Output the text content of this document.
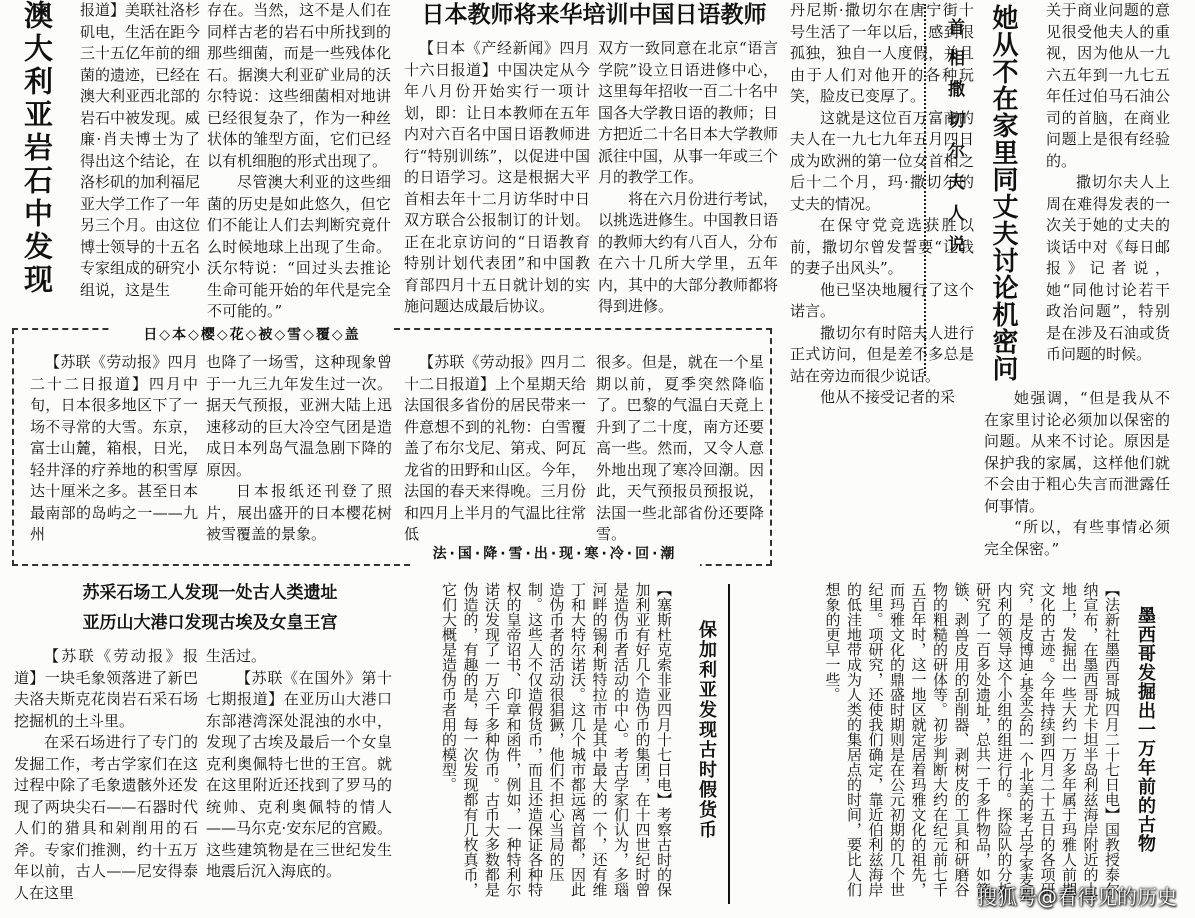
澳大利亚岩石中发现

报道】美联社洛杉矶电，生活在距今三十五亿年前的细菌的遗迹，已经在澳大利亚西北部的岩石中被发现。威廉·肖夫博士为了得出这个结论，在洛杉矶的加利福尼亚大学工作了一年另三个月。由这位博士领导的十五名专家组成的研究小组说，这是生

存在。当然，这不是人们在同样古老的岩石中所找到的那些细菌，而是一些残体化石。据澳大利亚矿业局的沃尔特说：这些细菌相对地讲已经很复杂了，作为一种丝状体的雏型方面，它们已经以有机细胞的形式出现了。

尽管澳大利亚的这些细菌的历史是如此悠久，但它们不能让人们去判断究竟什么时候地球上出现了生命。沃尔特说：“回过头去推论生命可能开始的年代是完全不可能的。”

日本教师将来华培训中国日语教师

【日本《产经新闻》四月十六日报道】中国决定从今年八月份开始实行一项计划，即：让日本教师在五年内对六百名中国日语教师进行“特别训练”，以促进中国的日语学习。这是根据大平首相去年十二月访华时中日双方联合公报制订的计划。正在北京访问的“日语教育特别计划代表团”和中国教育部四月十五日就计划的实施问题达成最后协议。

双方一致同意在北京“语言学院”设立日语进修中心，这里每年招收一百二十名中国各大学教日语的教师；日方把近二十名日本大学教师派往中国，从事一年或三个月的教学工作。

将在六月份进行考试，以挑选进修生。中国教日语的教师大约有八百人，分布在六十几所大学里，五年内，其中的大部分教师都将得到进修。

丹尼斯·撒切尔在唐宁街十号生活了一年以后，感到很孤独，独自一人度假，并且由于人们对他开的各种玩笑，脸皮已变厚了。

这就是这位百万富商的夫人在一九七九年五月四日成为欧洲的第一位女首相之后十二个月，玛·撒切尔的丈夫的情况。

在保守党竞选获胜以前，撒切尔曾发誓要“让我的妻子出风头”。

他已坚决地履行了这个诺言。

撒切尔有时陪夫人进行正式访问，但是差不多总是站在旁边而很少说话。

他从不接受记者的采

首相撒切尔夫人说
她从不在家里同丈夫讨论机密问

关于商业问题的意见很受他夫人的重视，因为他从一九六五年到一九七五年任过伯马石油公司的首脑，在商业问题上是很有经验的。

撒切尔夫人上周在难得发表的一次关于她的丈夫的谈话中对《每日邮报》记者说，她“同他讨论若干政治问题”，特别是在涉及石油或货币问题的时候。

她强调，“但是我从不在家里讨论必须加以保密的问题。从来不讨论。原因是保护我的家属，这样他们就不会由于粗心失言而泄露任何事情。

“所以，有些事情必须完全保密。”

日◇本◇樱◇花◇被◇雪◇覆◇盖

【苏联《劳动报》四月二十二日报道】四月中旬，日本很多地区下了一场不寻常的大雪。东京，富士山麓，箱根，日光，轻井泽的疗养地的积雪厚达十厘米之多。甚至日本最南部的岛屿之一——九州

也降了一场雪，这种现象曾于一九三九年发生过一次。据天气预报，亚洲大陆上迅速移动的巨大冷空气团是造成日本列岛气温急剧下降的原因。

日本报纸还刊登了照片，展出盛开的日本樱花树被雪覆盖的景象。

【苏联《劳动报》四月二十二日报道】上个星期天给法国很多省份的居民带来一件意想不到的礼物：白雪覆盖了布尔戈尼、第戎、阿瓦龙省的田野和山区。今年，法国的春天来得晚。三月份和四月上半月的气温比往常低

很多。但是，就在一个星期以前，夏季突然降临了。巴黎的气温白天竟上升到了二十度，南方还要高一些。然而，又令人意外地出现了寒冷回潮。因此，天气预报员预报说，法国一些北部省份还要降雪。

法·国·降·雪·出·现·寒·冷·回·潮
苏采石场工人发现一处古人类遗址
亚历山大港口发现古埃及女皇王宫

【苏联《劳动报》报道】一块毛象领落进了新巴夫洛夫斯克花岗岩石采石场挖掘机的土斗里。

在采石场进行了专门的发掘工作，考古学家们在这过程中除了毛象遗骸外还发现了两块尖石——石器时代人们的猎具和剁削用的石斧。专家们推测，约十五万年以前，古人——尼安得泰人在这里

生活过。

【苏联《在国外》第十七期报道】在亚历山大港口东部港湾深处混浊的水中，发现了古埃及最后一个女皇克利奥佩特七世的王宫。就在这里附近还找到了罗马的统帅、克利奥佩特的情人——马尔克·安东尼的宫殿。这些建筑物是在三世纪发生地震后沉入海底的。	【塞斯杜克索非亚四月十七日电】考察古时的保加利亚有好几个造伪币的集团，在十四世纪时曾是造伪币者活动的中心。考古学家们认为，多瑙河畔的锡利斯特拉市是其中最大的一个，还有维丁和大特尔诺沃。这几个城市都远离首都，因此造伪币者的活动很猖獗，他们不担心当局的压制。这些人不仅造假货币，而且还造保证各种特权的皇帝诏书、印章和函件，例如，一种特利尔诺沃发现了一万六千多种伪币。古币大多数都是伪造的，有趣的是，每一次发现都有几枚真币，它们大概是造伪币者用的模型。	保加利亚发现古时假货币	【法新社墨西哥城四月二十七日电】国教授泰尔纳宣布，在墨西哥尤卡坦半岛利兹海岸附近的土地上，发掘出一些大约一万多年属于玛雅人前期文化的古迹。今年持续到四月二十五日的各项研究，是皮博迪·基金会的一个北美的考古学家麦克内利的领导这个小组的组进行的。探险队的分析研究了一百多处遗址，总共一千多件物品，如箭镞、剥兽皮用的刮削器、剥树皮的工具和研磨谷物的粗糙的研体等。初步判断大约在纪元前七千五百年时，这一地区就定居着玛雅文化的祖先，而玛雅文化的鼎盛时期则是在公元初期的几个世纪里。项研究，还使我们确定，靠近伯利兹海岸的低洼地带成为人类的集居点的时间，要比人们想象的更早一些。	墨西哥发掘出一万年前的古物
搜狐号@看得见的历史
